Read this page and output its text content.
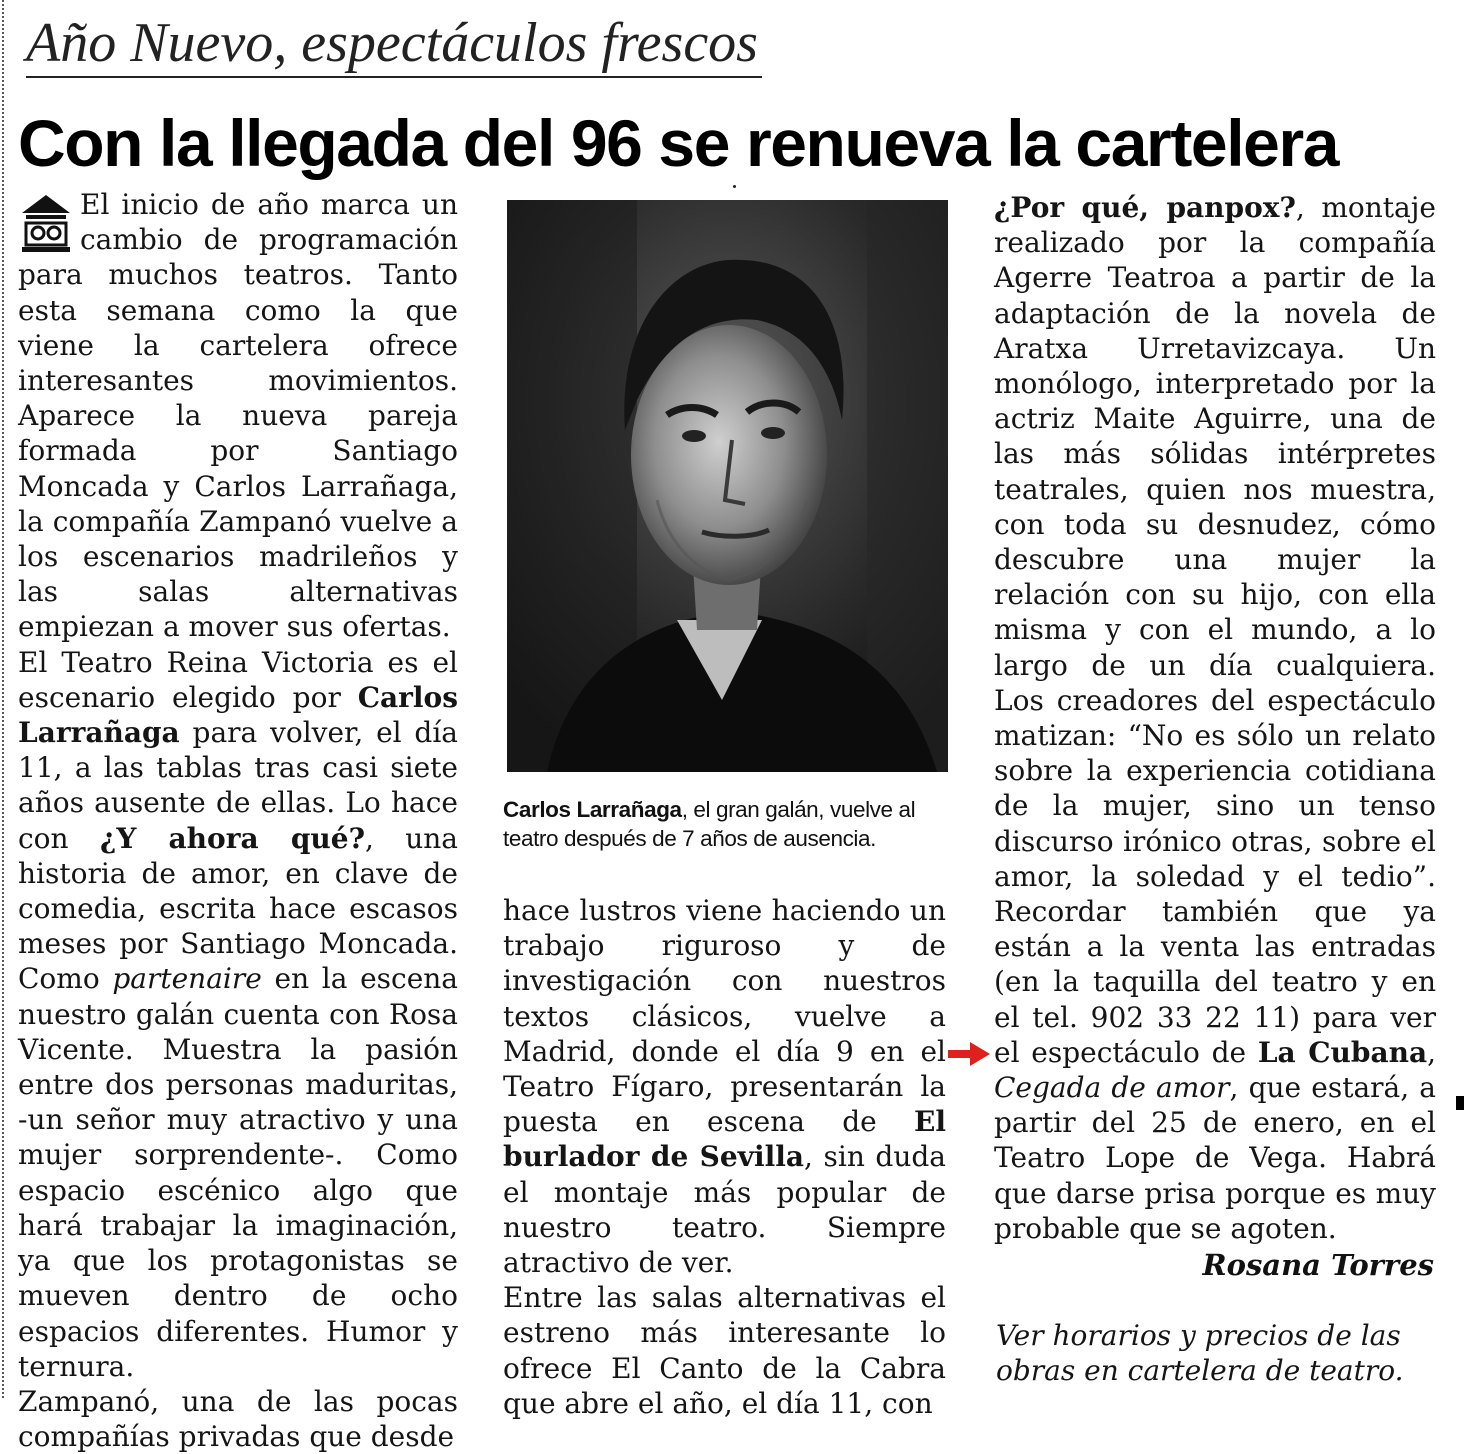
Año Nuevo, espectáculos frescos
Con la llegada del 96 se renueva la cartelera

El inicio de año marca un cambio de programación para muchos teatros. Tanto esta semana como la que viene la cartelera ofrece interesantes movimientos. Aparece la nueva pareja formada por Santiago Moncada y Carlos Larrañaga, la compañía Zampanó vuelve a los escenarios madrileños y las salas alternativas empiezan a mover sus ofertas.

El Teatro Reina Victoria es el escenario elegido por Carlos Larrañaga para volver, el día 11, a las tablas tras casi siete años ausente de ellas. Lo hace con ¿Y ahora qué?, una historia de amor, en clave de comedia, escrita hace escasos meses por Santiago Moncada. Como partenaire en la escena nuestro galán cuenta con Rosa Vicente. Muestra la pasión entre dos personas maduritas, -un señor muy atractivo y una mujer sorprendente-. Como espacio escénico algo que hará trabajar la imaginación, ya que los protagonistas se mueven dentro de ocho espacios diferentes. Humor y ternura.

Zampanó, una de las pocas compañías privadas que desde

Carlos Larrañaga, el gran galán, vuelve al teatro después de 7 años de ausencia.

hace lustros viene haciendo un trabajo riguroso y de investigación con nuestros textos clásicos, vuelve a Madrid, donde el día 9 en el Teatro Fígaro, presentarán la puesta en escena de El burlador de Sevilla, sin duda el montaje más popular de nuestro teatro. Siempre atractivo de ver.

Entre las salas alternativas el estreno más interesante lo ofrece El Canto de la Cabra que abre el año, el día 11, con

¿Por qué, panpox?, montaje realizado por la compañía Agerre Teatroa a partir de la adaptación de la novela de Aratxa Urretavizcaya. Un monólogo, interpretado por la actriz Maite Aguirre, una de las más sólidas intérpretes teatrales, quien nos muestra, con toda su desnudez, cómo descubre una mujer la relación con su hijo, con ella misma y con el mundo, a lo largo de un día cualquiera. Los creadores del espectáculo matizan: “No es sólo un relato sobre la experiencia cotidiana de la mujer, sino un tenso discurso irónico otras, sobre el amor, la soledad y el tedio”. Recordar también que ya están a la venta las entradas (en la taquilla del teatro y en el tel. 902 33 22 11) para ver el espectáculo de La Cubana, Cegada de amor, que estará, a partir del 25 de enero, en el Teatro Lope de Vega. Habrá que darse prisa porque es muy probable que se agoten.

Rosana Torres
Ver horarios y precios de las obras en cartelera de teatro.
